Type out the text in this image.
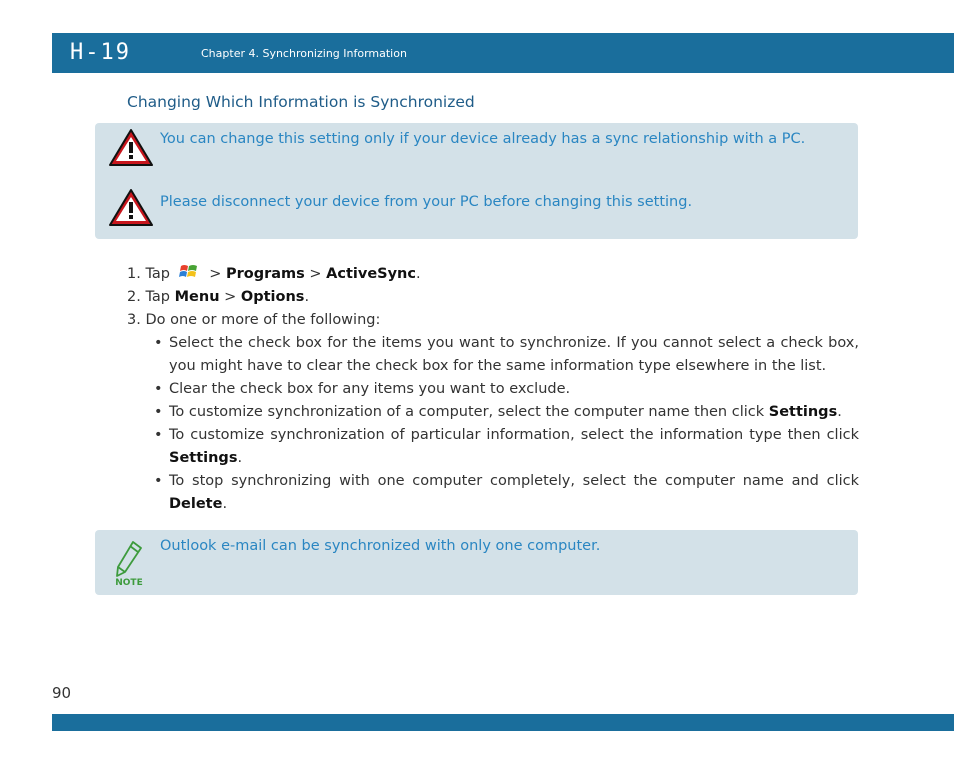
H-19	Chapter 4. Synchronizing Information
Changing Which Information is Synchronized
You can change this setting only if your device already has a sync relationship with a PC.
Please disconnect your device from your PC before changing this setting.
1. Tap	> Programs > ActiveSync.
2. Tap Menu > Options.
3. Do one or more of the following:
• Select the check box for the items you want to synchronize. If you cannot select a check box, you might have to clear the check box for the same information type elsewhere in the list.
• Clear the check box for any items you want to exclude.
• To customize synchronization of a computer, select the computer name then click Settings.
• To customize synchronization of particular information, select the information type then click Settings.
• To stop synchronizing with one computer completely, select the computer name and click Delete.
NOTE
Outlook e-mail can be synchronized with only one computer.
90
